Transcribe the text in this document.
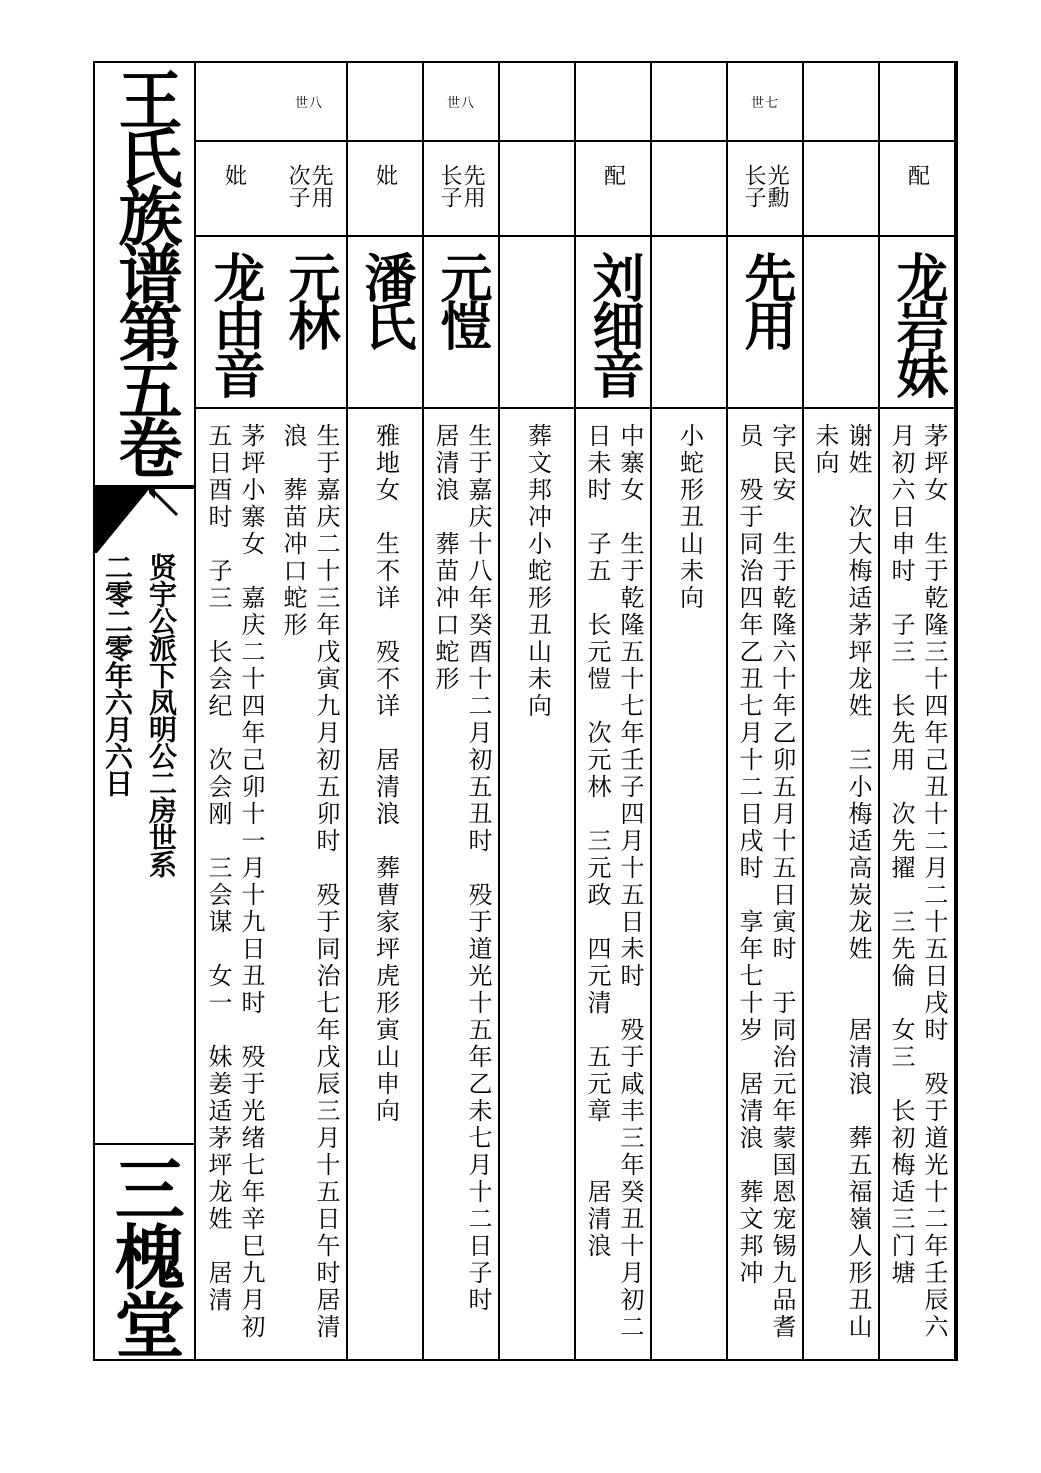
王氏族谱第五卷
贤宇公派下凤明公二房世系
二零二零年六月六日
三槐堂
配
龙岩妹
茅坪女　生于乾隆三十四年己丑十二月二十五日戌时　殁于道光十二年壬辰六月初六日申时　子三　长先用　次先擢　三先倫　女三　长初梅适三门塘
谢姓　次大梅适茅坪龙姓　三小梅适高炭龙姓　　居清浪　葬五福嶺人形丑山未向
世七
光勳
长子
先用
字民安　生于乾隆六十年乙卯五月十五日寅时　于同治元年蒙国恩宠锡九品耆员　殁于同治四年乙丑七月十二日戌时　享年七十岁　居清浪　葬文邦冲
小蛇形丑山未向
配
刘细音
中寨女　生于乾隆五十七年壬子四月十五日未时　殁于咸丰三年癸丑十月初二日未时　子五　长元愷　次元林　三元政　四元清　五元章　　居清浪
葬文邦冲小蛇形丑山未向
世八
先用
长子
元愷
生于嘉庆十八年癸酉十二月初五丑时　殁于道光十五年乙未七月十二日子时　居清浪　葬苗冲口蛇形
妣
潘氏
雅地女　生不详　殁不详　居清浪　葬曹家坪虎形寅山申向
世八
先用
次子
元林
生于嘉庆二十三年戊寅九月初五卯时　殁于同治七年戊辰三月十五日午时居清浪　葬苗冲口蛇形
妣
龙由音
茅坪小寨女　嘉庆二十四年己卯十一月十九日丑时　殁于光绪七年辛巳九月初五日酉时　子三　长会纪　次会刚　三会谋　女一　妹姜适茅坪龙姓　居清
